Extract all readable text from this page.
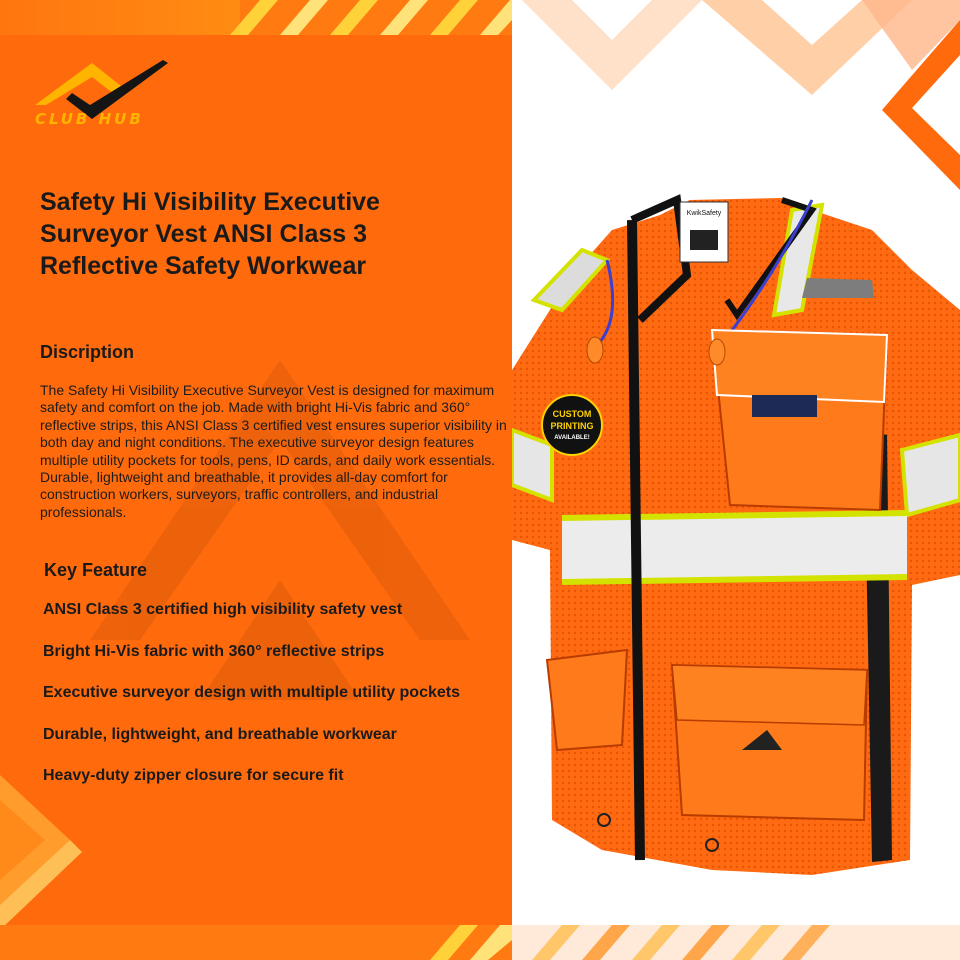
CLUB HUB
Safety Hi Visibility Executive Surveyor Vest ANSI Class 3 Reflective Safety Workwear
Discription

The Safety Hi Visibility Executive Surveyor Vest is designed for maximum safety and comfort on the job. Made with bright Hi-Vis fabric and 360° reflective strips, this ANSI Class 3 certified vest ensures superior visibility in both day and night conditions. The executive surveyor design features multiple utility pockets for tools, pens, ID cards, and daily work essentials. Durable, lightweight and breathable, it provides all-day comfort for construction workers, surveyors, traffic controllers, and industrial professionals.

Key Feature
ANSI Class 3 certified high visibility safety vest
Bright Hi-Vis fabric with 360° reflective strips
Executive surveyor design with multiple utility pockets
Durable, lightweight, and breathable workwear
Heavy-duty zipper closure for secure fit
KwikSafety
CUSTOM
PRINTING
AVAILABLE!
